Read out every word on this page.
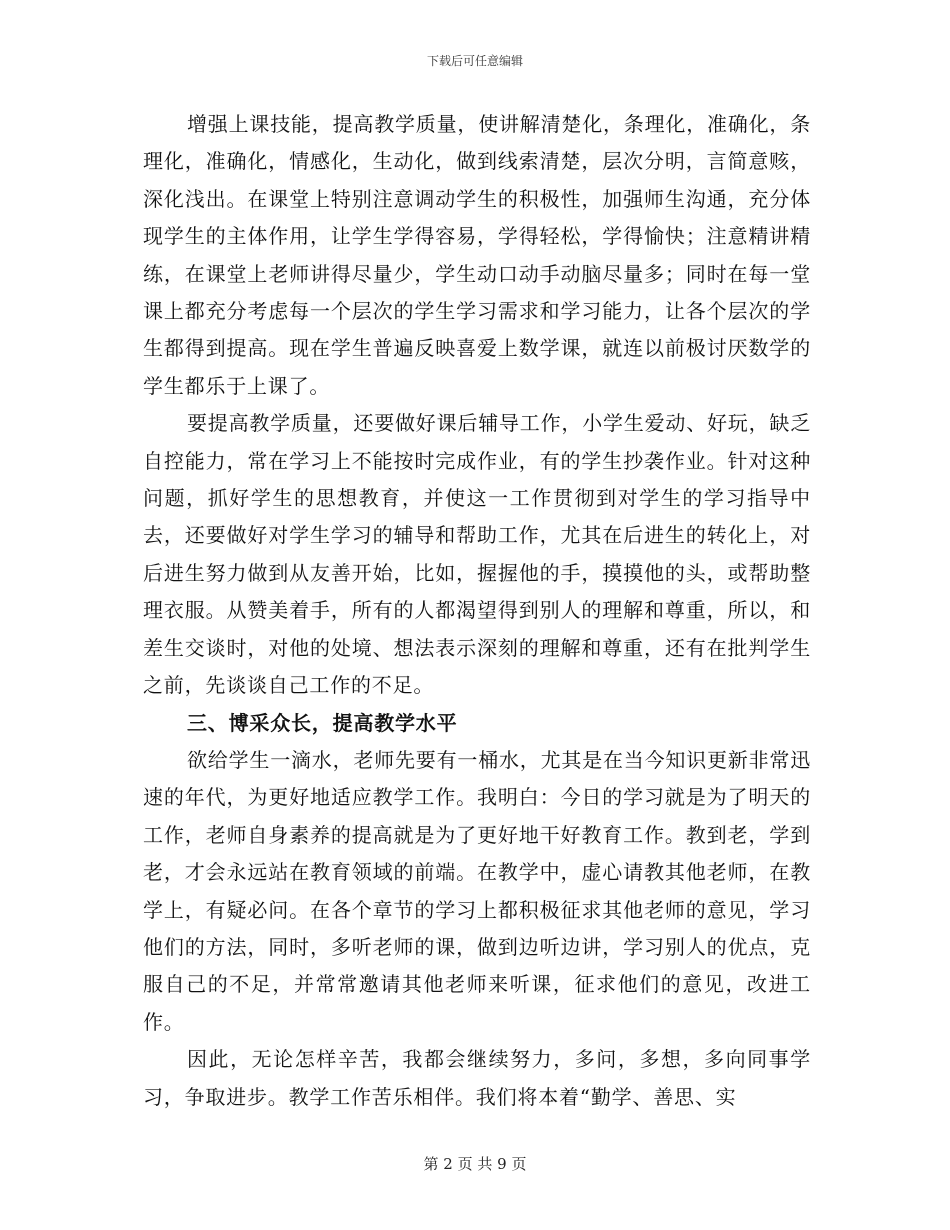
下载后可任意编辑

增强上课技能，提高教学质量，使讲解清楚化，条理化，准确化，条理化，准确化，情感化，生动化，做到线索清楚，层次分明，言简意赅，深化浅出。在课堂上特别注意调动学生的积极性，加强师生沟通，充分体现学生的主体作用，让学生学得容易，学得轻松，学得愉快；注意精讲精练，在课堂上老师讲得尽量少，学生动口动手动脑尽量多；同时在每一堂课上都充分考虑每一个层次的学生学习需求和学习能力，让各个层次的学生都得到提高。现在学生普遍反映喜爱上数学课，就连以前极讨厌数学的学生都乐于上课了。

要提高教学质量，还要做好课后辅导工作，小学生爱动、好玩，缺乏自控能力，常在学习上不能按时完成作业，有的学生抄袭作业。针对这种问题，抓好学生的思想教育，并使这一工作贯彻到对学生的学习指导中去，还要做好对学生学习的辅导和帮助工作，尤其在后进生的转化上，对后进生努力做到从友善开始，比如，握握他的手，摸摸他的头，或帮助整理衣服。从赞美着手，所有的人都渴望得到别人的理解和尊重，所以，和差生交谈时，对他的处境、想法表示深刻的理解和尊重，还有在批判学生之前，先谈谈自己工作的不足。

三、博采众长，提高教学水平

欲给学生一滴水，老师先要有一桶水，尤其是在当今知识更新非常迅速的年代，为更好地适应教学工作。我明白：今日的学习就是为了明天的工作，老师自身素养的提高就是为了更好地干好教育工作。教到老，学到老，才会永远站在教育领域的前端。在教学中，虚心请教其他老师，在教学上，有疑必问。在各个章节的学习上都积极征求其他老师的意见，学习他们的方法，同时，多听老师的课，做到边听边讲，学习别人的优点，克服自己的不足，并常常邀请其他老师来听课，征求他们的意见，改进工作。

因此，无论怎样辛苦，我都会继续努力，多问，多想，多向同事学习，争取进步。教学工作苦乐相伴。我们将本着“勤学、善思、实

第 2 页 共 9 页
